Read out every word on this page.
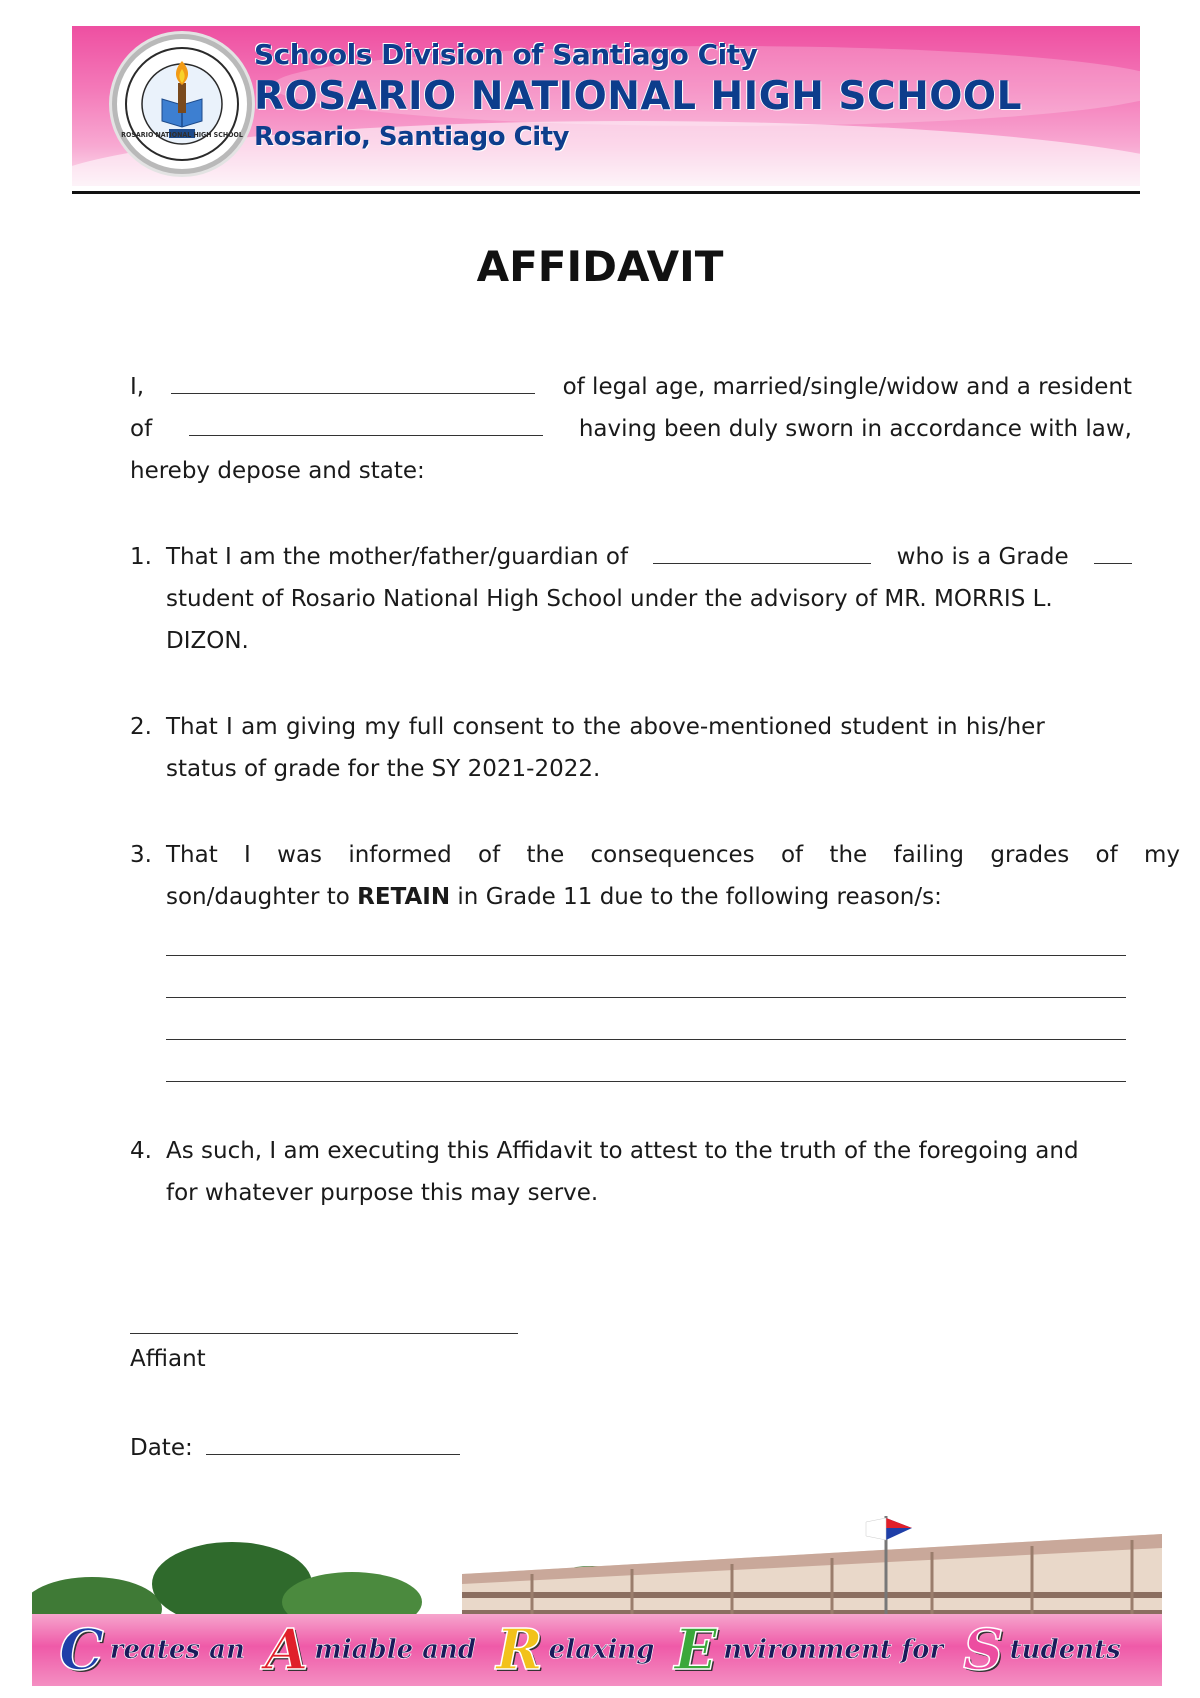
ROSARIO NATIONAL HIGH SCHOOL
Schools Division of Santiago City
ROSARIO NATIONAL HIGH SCHOOL
Rosario, Santiago City
AFFIDAVIT
I,	of legal age, married/single/widow and a resident
of	having been duly sworn in accordance with law,
hereby depose and state:
1. That I am the mother/father/guardian of	who is a Grade
student of Rosario National High School under the advisory of MR. MORRIS L.
DIZON.
2. That I am giving my full consent to the above-mentioned student in his/her
status of grade for the SY 2021-2022.
3. That I was informed of the consequences of the failing grades of my
son/daughter to RETAIN in Grade 11 due to the following reason/s:
4. As such, I am executing this Affidavit to attest to the truth of the foregoing and
for whatever purpose this may serve.
Affiant
Date:
C reates an A miable and R elaxing E nvironment for S tudents
